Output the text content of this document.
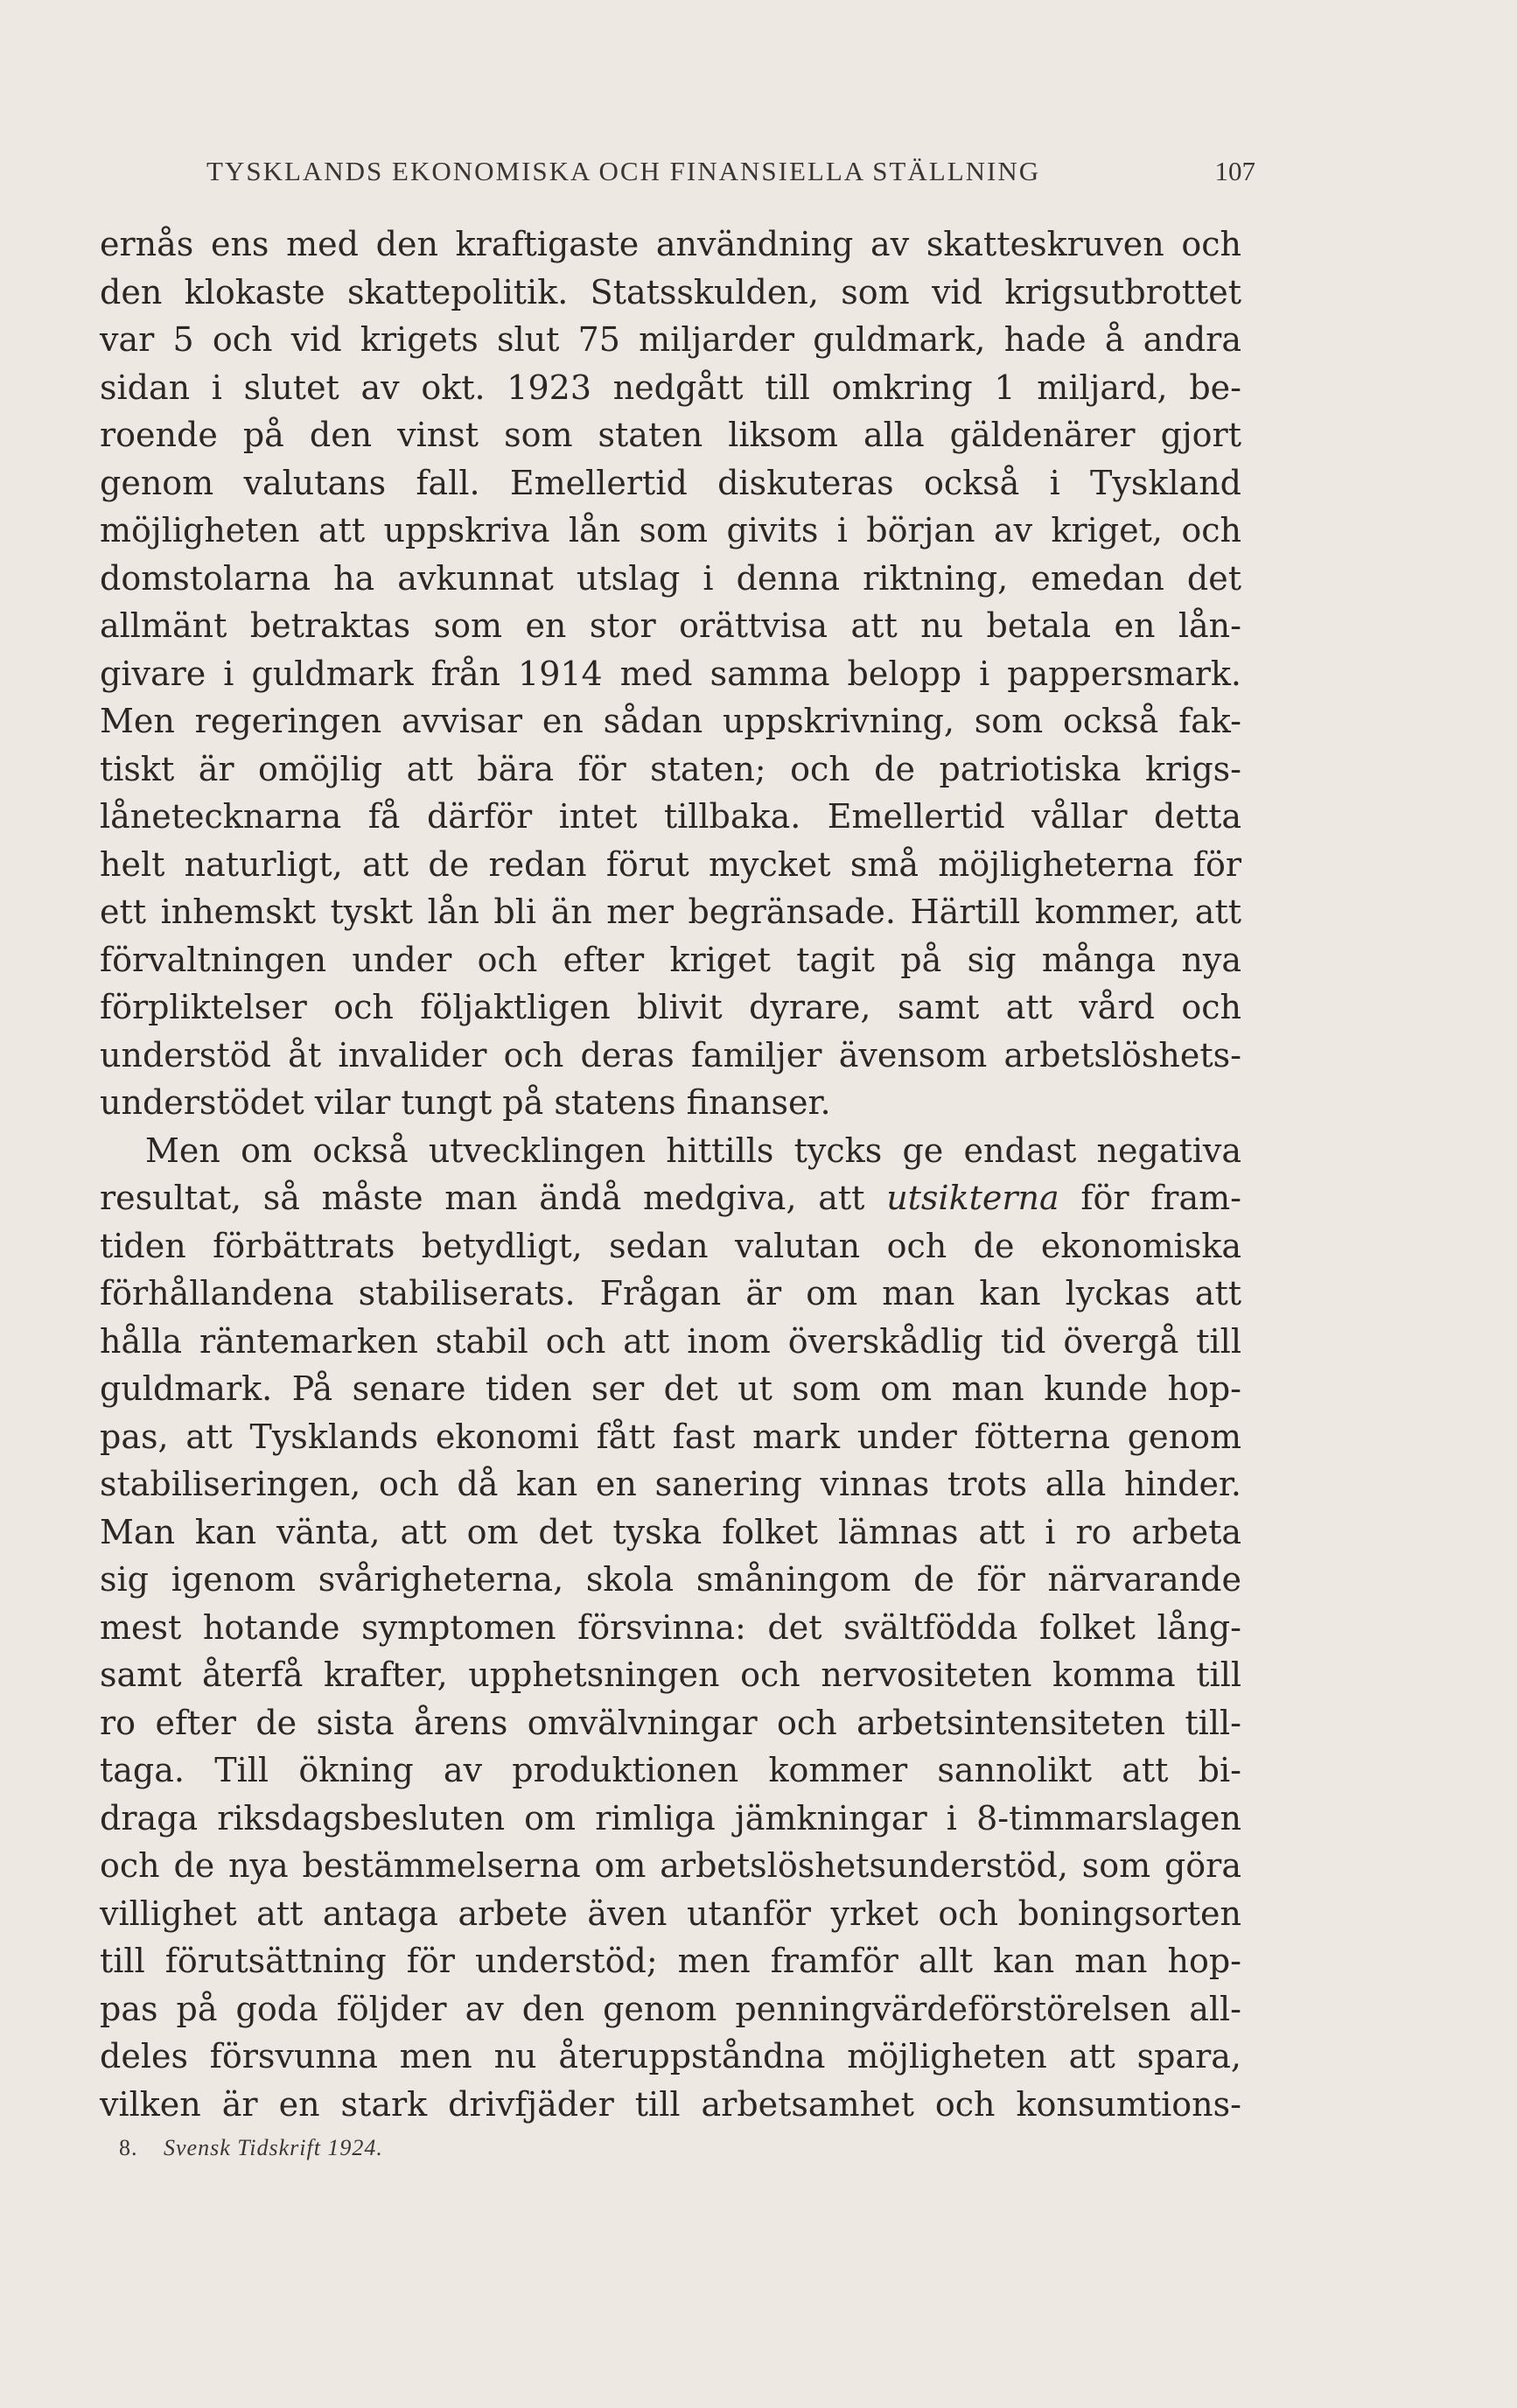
TYSKLANDS EKONOMISKA OCH FINANSIELLA STÄLLNING	107
ernås ens med den kraftigaste användning av skatteskruven och
den klokaste skattepolitik. Statsskulden, som vid krigsutbrottet
var 5 och vid krigets slut 75 miljarder guldmark, hade å andra
sidan i slutet av okt. 1923 nedgått till omkring 1 miljard, be-
roende på den vinst som staten liksom alla gäldenärer gjort
genom valutans fall. Emellertid diskuteras också i Tyskland
möjligheten att uppskriva lån som givits i början av kriget, och
domstolarna ha avkunnat utslag i denna riktning, emedan det
allmänt betraktas som en stor orättvisa att nu betala en lån-
givare i guldmark från 1914 med samma belopp i pappersmark.
Men regeringen avvisar en sådan uppskrivning, som också fak-
tiskt är omöjlig att bära för staten; och de patriotiska krigs-
lånetecknarna få därför intet tillbaka. Emellertid vållar detta
helt naturligt, att de redan förut mycket små möjligheterna för
ett inhemskt tyskt lån bli än mer begränsade. Härtill kommer, att
förvaltningen under och efter kriget tagit på sig många nya
förpliktelser och följaktligen blivit dyrare, samt att vård och
understöd åt invalider och deras familjer ävensom arbetslöshets-
understödet vilar tungt på statens finanser.
Men om också utvecklingen hittills tycks ge endast negativa
resultat, så måste man ändå medgiva, att utsikterna för fram-
tiden förbättrats betydligt, sedan valutan och de ekonomiska
förhållandena stabiliserats. Frågan är om man kan lyckas att
hålla räntemarken stabil och att inom överskådlig tid övergå till
guldmark. På senare tiden ser det ut som om man kunde hop-
pas, att Tysklands ekonomi fått fast mark under fötterna genom
stabiliseringen, och då kan en sanering vinnas trots alla hinder.
Man kan vänta, att om det tyska folket lämnas att i ro arbeta
sig igenom svårigheterna, skola småningom de för närvarande
mest hotande symptomen försvinna: det svältfödda folket lång-
samt återfå krafter, upphetsningen och nervositeten komma till
ro efter de sista årens omvälvningar och arbetsintensiteten till-
taga. Till ökning av produktionen kommer sannolikt att bi-
draga riksdagsbesluten om rimliga jämkningar i 8-timmarslagen
och de nya bestämmelserna om arbetslöshetsunderstöd, som göra
villighet att antaga arbete även utanför yrket och boningsorten
till förutsättning för understöd; men framför allt kan man hop-
pas på goda följder av den genom penningvärdeförstörelsen all-
deles försvunna men nu återuppståndna möjligheten att spara,
vilken är en stark drivfjäder till arbetsamhet och konsumtions-
8. Svensk Tidskrift 1924.
